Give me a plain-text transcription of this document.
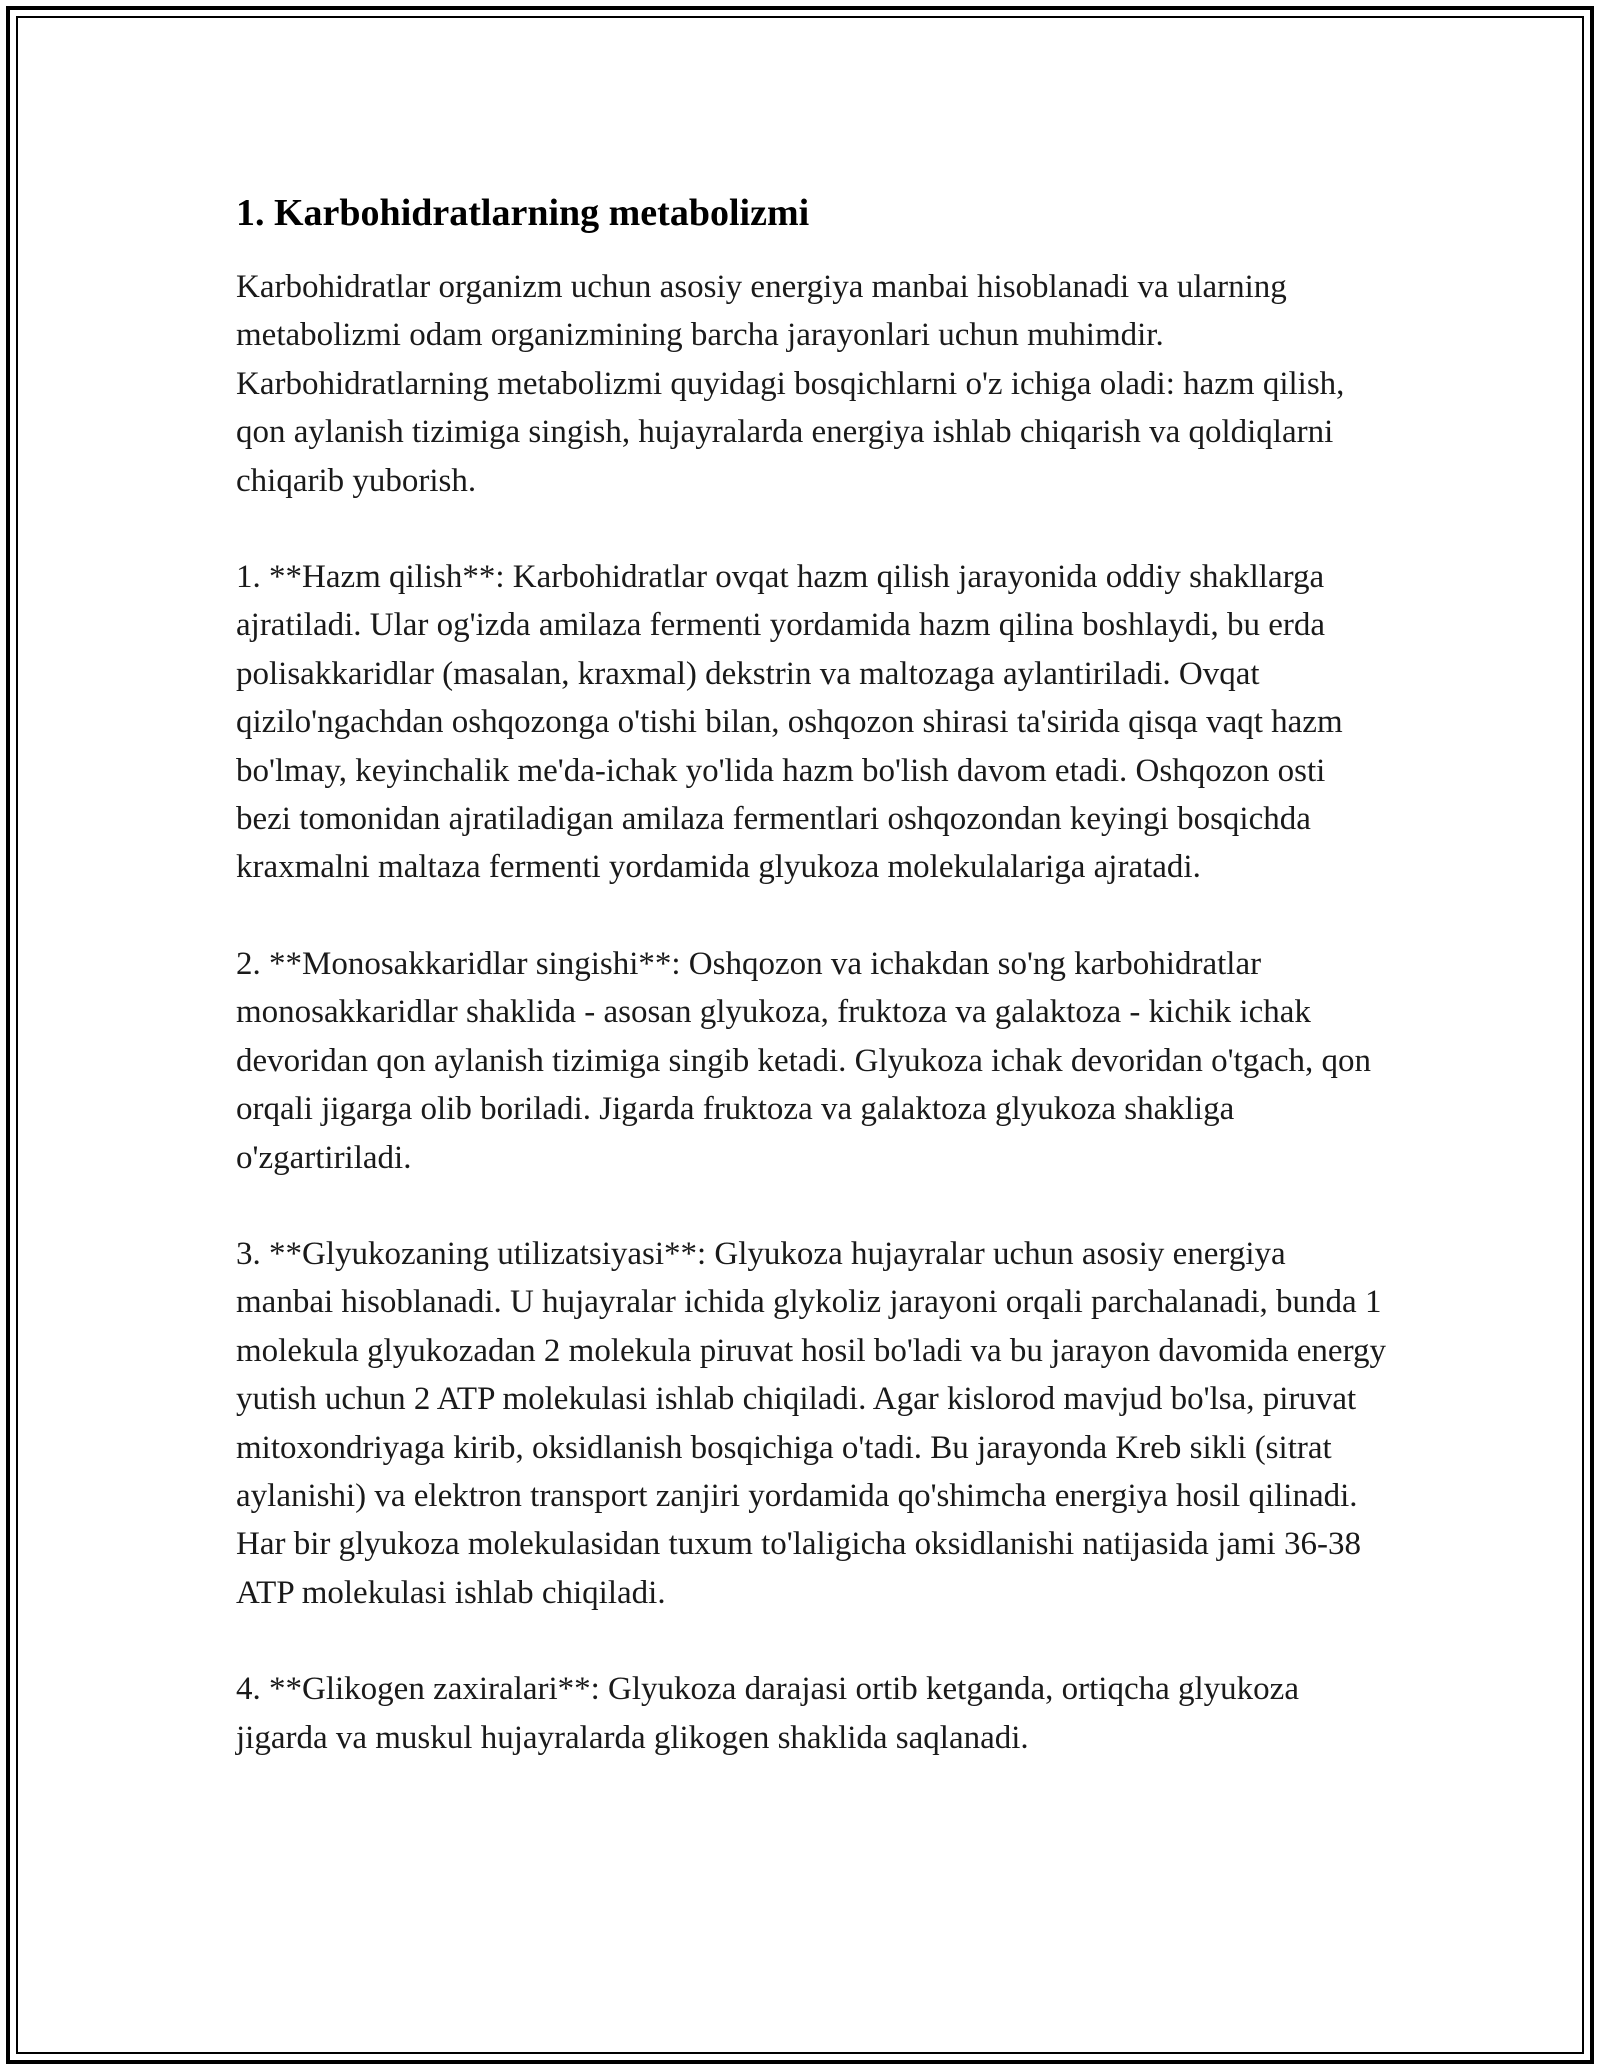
1. Karbohidratlarning metabolizmi

Karbohidratlar organizm uchun asosiy energiya manbai hisoblanadi va ularning metabolizmi odam organizmining barcha jarayonlari uchun muhimdir. Karbohidratlarning metabolizmi quyidagi bosqichlarni o'z ichiga oladi: hazm qilish, qon aylanish tizimiga singish, hujayralarda energiya ishlab chiqarish va qoldiqlarni chiqarib yuborish.

1. **Hazm qilish**: Karbohidratlar ovqat hazm qilish jarayonida oddiy shakllarga ajratiladi. Ular og'izda amilaza fermenti yordamida hazm qilina boshlaydi, bu erda polisakkaridlar (masalan, kraxmal) dekstrin va maltozaga aylantiriladi. Ovqat qizilo'ngachdan oshqozonga o'tishi bilan, oshqozon shirasi ta'sirida qisqa vaqt hazm bo'lmay, keyinchalik me'da-ichak yo'lida hazm bo'lish davom etadi. Oshqozon osti bezi tomonidan ajratiladigan amilaza fermentlari oshqozondan keyingi bosqichda kraxmalni maltaza fermenti yordamida glyukoza molekulalariga ajratadi.

2. **Monosakkaridlar singishi**: Oshqozon va ichakdan so'ng karbohidratlar monosakkaridlar shaklida - asosan glyukoza, fruktoza va galaktoza - kichik ichak devoridan qon aylanish tizimiga singib ketadi. Glyukoza ichak devoridan o'tgach, qon orqali jigarga olib boriladi. Jigarda fruktoza va galaktoza glyukoza shakliga o'zgartiriladi.

3. **Glyukozaning utilizatsiyasi**: Glyukoza hujayralar uchun asosiy energiya manbai hisoblanadi. U hujayralar ichida glykoliz jarayoni orqali parchalanadi, bunda 1 molekula glyukozadan 2 molekula piruvat hosil bo'ladi va bu jarayon davomida energy yutish uchun 2 ATP molekulasi ishlab chiqiladi. Agar kislorod mavjud bo'lsa, piruvat mitoxondriyaga kirib, oksidlanish bosqichiga o'tadi. Bu jarayonda Kreb sikli (sitrat aylanishi) va elektron transport zanjiri yordamida qo'shimcha energiya hosil qilinadi. Har bir glyukoza molekulasidan tuxum to'laligicha oksidlanishi natijasida jami 36-38 ATP molekulasi ishlab chiqiladi.

4. **Glikogen zaxiralari**: Glyukoza darajasi ortib ketganda, ortiqcha glyukoza jigarda va muskul hujayralarda glikogen shaklida saqlanadi.
